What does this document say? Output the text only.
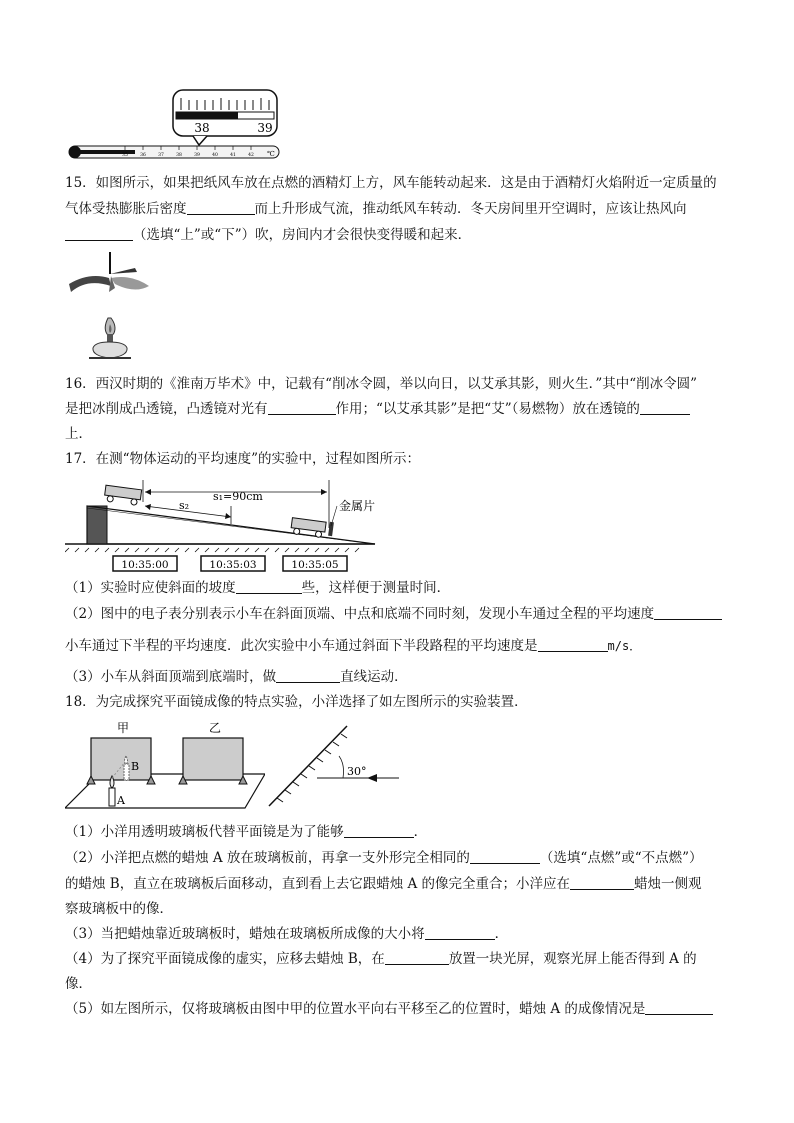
38	39
35	36	37	38	39	40	41	42 ℃
15．如图所示，如果把纸风车放在点燃的酒精灯上方，风车能转动起来．这是由于酒精灯火焰附近一定质量的
气体受热膨胀后密度	而上升形成气流，推动纸风车转动．冬天房间里开空调时，应该让热风向
（选填“上”或“下”）吹，房间内才会很快变得暖和起来．
16．西汉时期的《淮南万毕术》中，记载有“削冰令圆，举以向日，以艾承其影，则火生．”其中“削冰令圆”
是把冰削成凸透镜，凸透镜对光有	作用；“以艾承其影”是把“艾”（易燃物）放在透镜的
上．
17．在测“物体运动的平均速度”的实验中，过程如图所示：
s₁=90cm
s₂	金属片
10:35:00	10:35:03	10:35:05
（1）实验时应使斜面的坡度	些，这样便于测量时间．
（2）图中的电子表分别表示小车在斜面顶端、中点和底端不同时刻，发现小车通过全程的平均速度
小车通过下半程的平均速度．此次实验中小车通过斜面下半段路程的平均速度是	m/s．
（3）小车从斜面顶端到底端时，做	直线运动．
18．为完成探究平面镜成像的特点实验，小洋选择了如左图所示的实验装置．
甲	乙
B
A
30°
（1）小洋用透明玻璃板代替平面镜是为了能够	．
（2）小洋把点燃的蜡烛 A 放在玻璃板前，再拿一支外形完全相同的	（选填“点燃”或“不点燃”）
的蜡烛 B，直立在玻璃板后面移动，直到看上去它跟蜡烛 A 的像完全重合；小洋应在	蜡烛一侧观
察玻璃板中的像．
（3）当把蜡烛靠近玻璃板时，蜡烛在玻璃板所成像的大小将	．
（4）为了探究平面镜成像的虚实，应移去蜡烛 B，在	放置一块光屏，观察光屏上能否得到 A 的
像．
（5）如左图所示，仅将玻璃板由图中甲的位置水平向右平移至乙的位置时，蜡烛 A 的成像情况是
